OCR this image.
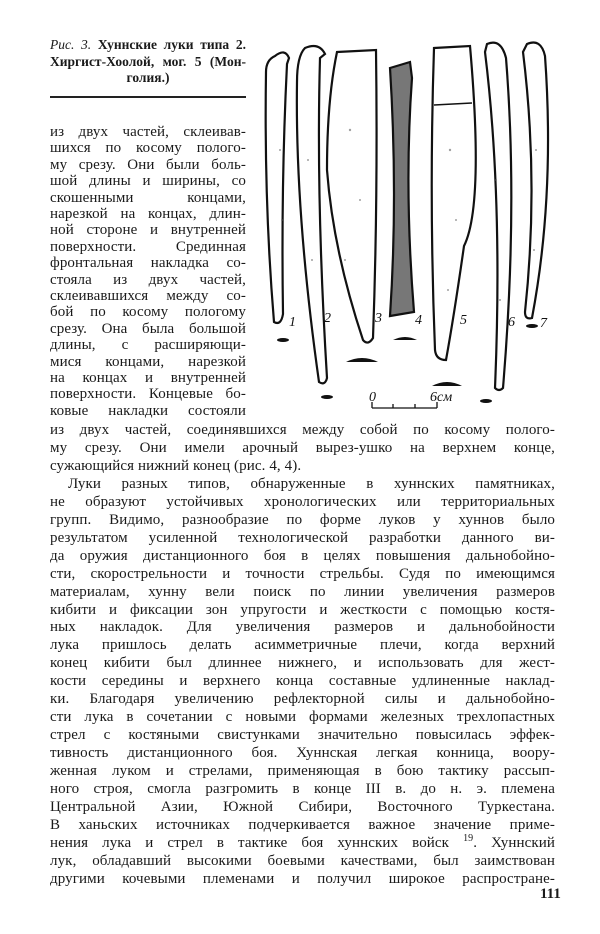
Рис. 3. Хуннские луки типа 2.
Хиргист-Хоолой, мог. 5 (Мон-
голия.)
1 2	3 4	5	6 7
0	6см
из двух частей, склеивав-
шихся по косому полого-
му срезу. Они были боль-
шой длины и ширины, со
скошенными концами,
нарезкой на концах, длин-
ной стороне и внутренней
поверхности. Срединная
фронтальная накладка со-
стояла из двух частей,
склеивавшихся между со-
бой по косому пологому
срезу. Она была большой
длины, с расширяющи-
мися концами, нарезкой
на концах и внутренней
поверхности. Концевые бо-
ковые накладки состояли
из двух частей, соединявшихся между собой по косому полого-
му срезу. Они имели арочный вырез-ушко на верхнем конце,
сужающийся нижний конец (рис. 4, 4).
Луки разных типов, обнаруженные в хуннских памятниках,
не образуют устойчивых хронологических или территориальных
групп. Видимо, разнообразие по форме луков у хуннов было
результатом усиленной технологической разработки данного ви-
да оружия дистанционного боя в целях повышения дальнобойно-
сти, скорострельности и точности стрельбы. Судя по имеющимся
материалам, хунну вели поиск по линии увеличения размеров
кибити и фиксации зон упругости и жесткости с помощью костя-
ных накладок. Для увеличения размеров и дальнобойности
лука пришлось делать асимметричные плечи, когда верхний
конец кибити был длиннее нижнего, и использовать для жест-
кости середины и верхнего конца составные удлиненные наклад-
ки. Благодаря увеличению рефлекторной силы и дальнобойно-
сти лука в сочетании с новыми формами железных трехлопастных
стрел с костяными свистунками значительно повысилась эффек-
тивность дистанционного боя. Хуннская легкая конница, воору-
женная луком и стрелами, применяющая в бою тактику рассып-
ного строя, смогла разгромить в конце III в. до н. э. племена
Центральной Азии, Южной Сибири, Восточного Туркестана.
В ханьских источниках подчеркивается важное значение приме-
нения лука и стрел в тактике боя хуннских войск $^{19}$. Хуннский
лук, обладавший высокими боевыми качествами, был заимствован
другими кочевыми племенами и получил широкое распростране-
111
